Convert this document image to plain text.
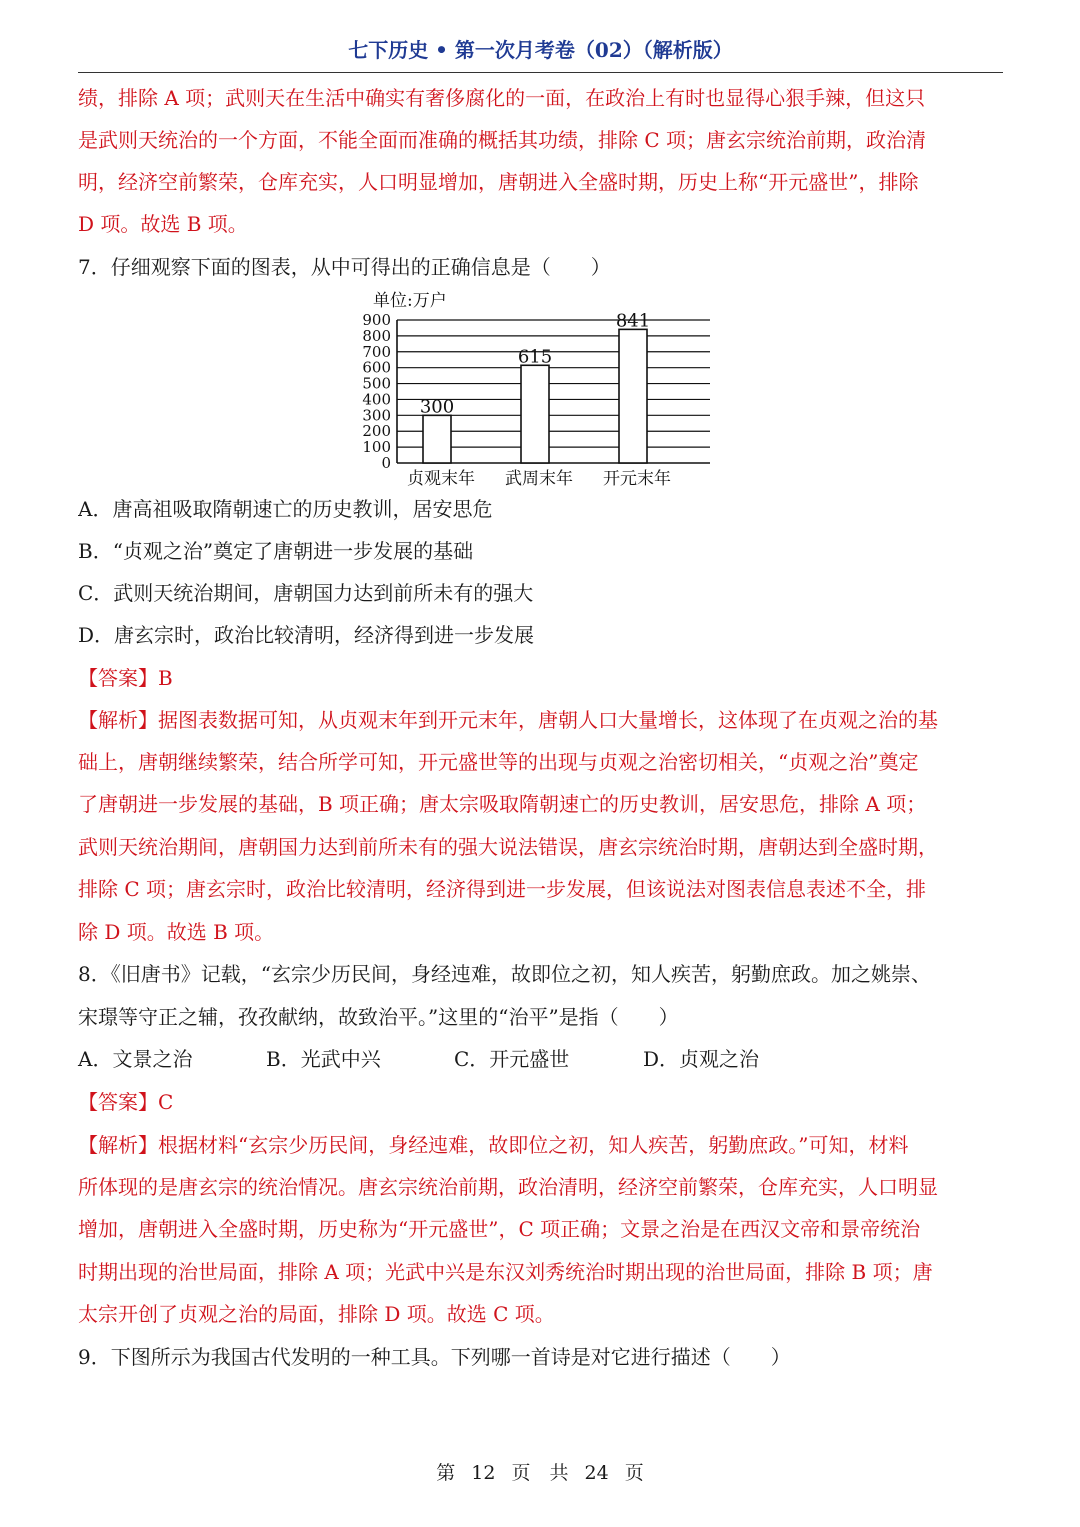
七下历史 • 第一次月考卷（02）（解析版）
绩，排除 A 项；武则天在生活中确实有奢侈腐化的一面，在政治上有时也显得心狠手辣，但这只
是武则天统治的一个方面，不能全面而准确的概括其功绩，排除 C 项；唐玄宗统治前期，政治清
明，经济空前繁荣，仓库充实，人口明显增加，唐朝进入全盛时期，历史上称“开元盛世”，排除
D 项。故选 B 项。
7．仔细观察下面的图表，从中可得出的正确信息是（　　）
单位:万户
0
100
200
300
400
500
600
700
800
900
300
贞观末年
615
武周末年
841
开元末年
A．唐高祖吸取隋朝速亡的历史教训，居安思危
B．“贞观之治”奠定了唐朝进一步发展的基础
C．武则天统治期间，唐朝国力达到前所未有的强大
D．唐玄宗时，政治比较清明，经济得到进一步发展
【答案】B
【解析】据图表数据可知，从贞观末年到开元末年，唐朝人口大量增长，这体现了在贞观之治的基
础上，唐朝继续繁荣，结合所学可知，开元盛世等的出现与贞观之治密切相关，“贞观之治”奠定
了唐朝进一步发展的基础，B 项正确；唐太宗吸取隋朝速亡的历史教训，居安思危，排除 A 项；
武则天统治期间，唐朝国力达到前所未有的强大说法错误，唐玄宗统治时期，唐朝达到全盛时期，
排除 C 项；唐玄宗时，政治比较清明，经济得到进一步发展，但该说法对图表信息表述不全，排
除 D 项。故选 B 项。
8．《旧唐书》记载，“玄宗少历民间，身经迍难，故即位之初，知人疾苦，躬勤庶政。加之姚崇、
宋璟等守正之辅，孜孜献纳，故致治平。”这里的“治平”是指（　　）
A．文景之治	B．光武中兴	C．开元盛世	D．贞观之治
【答案】C
【解析】根据材料“玄宗少历民间，身经迍难，故即位之初，知人疾苦，躬勤庶政。”可知，材料
所体现的是唐玄宗的统治情况。唐玄宗统治前期，政治清明，经济空前繁荣，仓库充实，人口明显
增加，唐朝进入全盛时期，历史称为“开元盛世”，C 项正确；文景之治是在西汉文帝和景帝统治
时期出现的治世局面，排除 A 项；光武中兴是东汉刘秀统治时期出现的治世局面，排除 B 项；唐
太宗开创了贞观之治的局面，排除 D 项。故选 C 项。
9．下图所示为我国古代发明的一种工具。下列哪一首诗是对它进行描述（　　）
第 12 页　共 24 页
